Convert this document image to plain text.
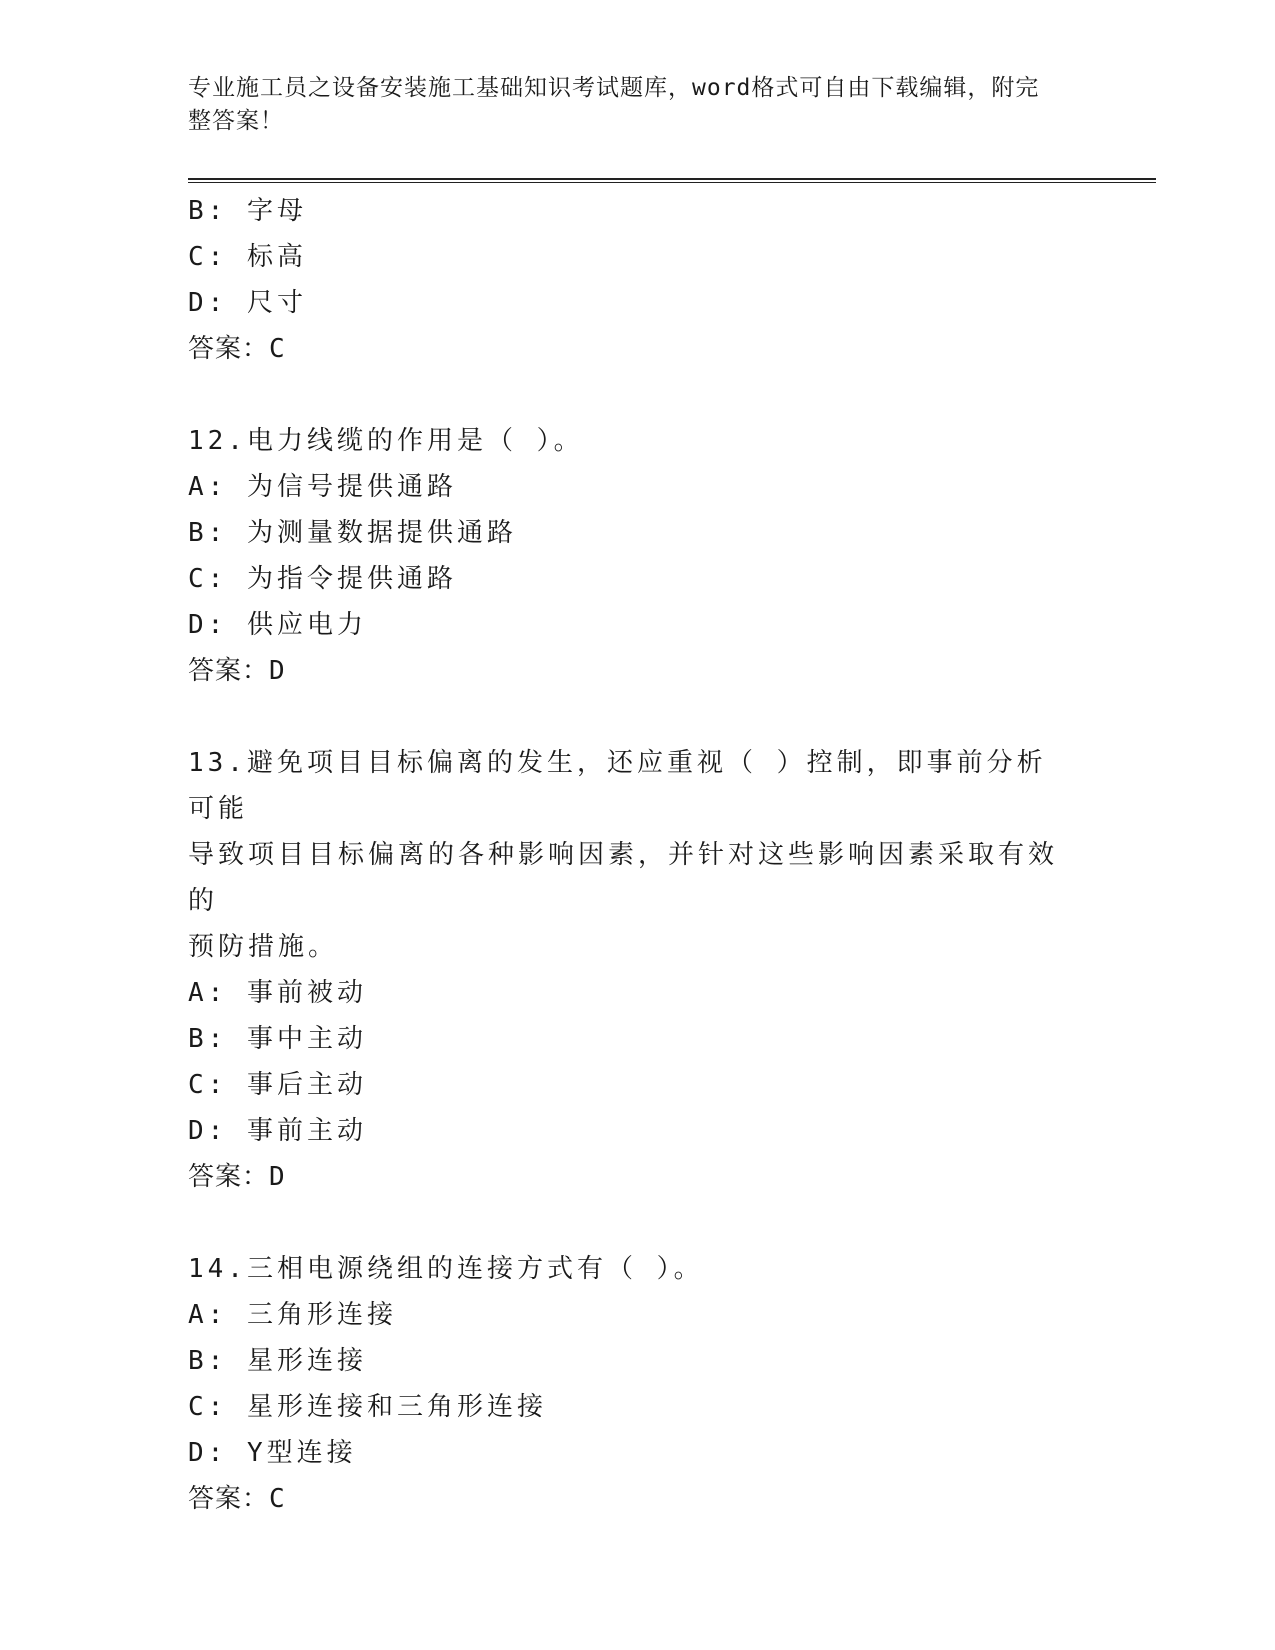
专业施工员之设备安装施工基础知识考试题库，word格式可自由下载编辑，附完
整答案！
B: 字母
C: 标高
D: 尺寸
答案：C
12.电力线缆的作用是（ ）。
A: 为信号提供通路
B: 为测量数据提供通路
C: 为指令提供通路
D: 供应电力
答案：D
13.避免项目目标偏离的发生，还应重视（ ）控制，即事前分析可能
导致项目目标偏离的各种影响因素，并针对这些影响因素采取有效的
预防措施。
A: 事前被动
B: 事中主动
C: 事后主动
D: 事前主动
答案：D
14.三相电源绕组的连接方式有（ ）。
A: 三角形连接
B: 星形连接
C: 星形连接和三角形连接
D: Y型连接
答案：C
